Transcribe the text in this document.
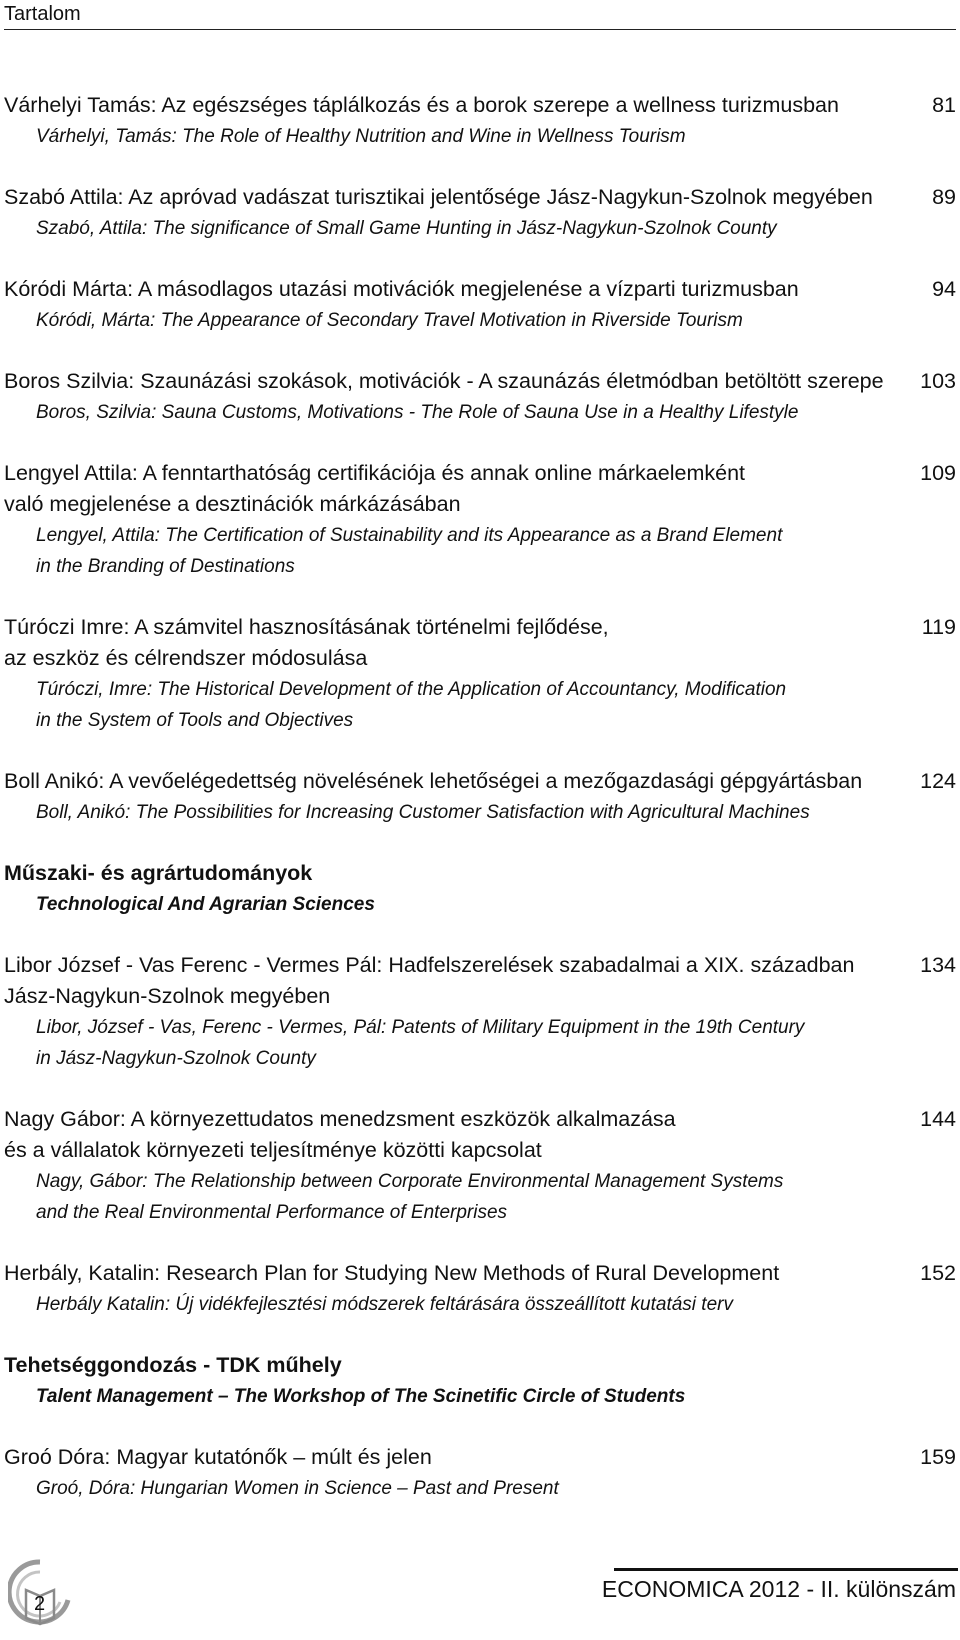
Tartalom
Várhelyi Tamás: Az egészséges táplálkozás és a borok szerepe a wellness turizmusban
Várhelyi, Tamás: The Role of Healthy Nutrition and Wine in Wellness Tourism
81
Szabó Attila: Az apróvad vadászat turisztikai jelentősége Jász-Nagykun-Szolnok megyében
Szabó, Attila: The significance of Small Game Hunting in Jász-Nagykun-Szolnok County
89
Kóródi Márta: A másodlagos utazási motivációk megjelenése a vízparti turizmusban
Kóródi, Márta: The Appearance of Secondary Travel Motivation in Riverside Tourism
94
Boros Szilvia: Szaunázási szokások, motivációk - A szaunázás életmódban betöltött szerepe
Boros, Szilvia: Sauna Customs, Motivations - The Role of Sauna Use in a Healthy Lifestyle
103
Lengyel Attila: A fenntarthatóság certifikációja és annak online márkaelemként
való megjelenése a desztinációk márkázásában
Lengyel, Attila: The Certification of Sustainability and its Appearance as a Brand Element
in the Branding of Destinations
109
Túróczi Imre: A számvitel hasznosításának történelmi fejlődése,
az eszköz és célrendszer módosulása
Túróczi, Imre: The Historical Development of the Application of Accountancy, Modification
in the System of Tools and Objectives
119
Boll Anikó: A vevőelégedettség növelésének lehetőségei a mezőgazdasági gépgyártásban
Boll, Anikó: The Possibilities for Increasing Customer Satisfaction with Agricultural Machines
124
Műszaki- és agrártudományok
Technological And Agrarian Sciences
Libor József - Vas Ferenc - Vermes Pál: Hadfelszerelések szabadalmai a XIX. században
Jász-Nagykun-Szolnok megyében
Libor, József - Vas, Ferenc - Vermes, Pál: Patents of Military Equipment in the 19th Century
in Jász-Nagykun-Szolnok County
134
Nagy Gábor: A környezettudatos menedzsment eszközök alkalmazása
és a vállalatok környezeti teljesítménye közötti kapcsolat
Nagy, Gábor: The Relationship between Corporate Environmental Management Systems
and the Real Environmental Performance of Enterprises
144
Herbály, Katalin: Research Plan for Studying New Methods of Rural Development
Herbály Katalin: Új vidékfejlesztési módszerek feltárására összeállított kutatási terv
152
Tehetséggondozás - TDK műhely
Talent Management – The Workshop of The Scinetific Circle of Students
Groó Dóra: Magyar kutatónők – múlt és jelen
Groó, Dóra: Hungarian Women in Science – Past and Present
159
2
ECONOMICA 2012 - II. különszám
